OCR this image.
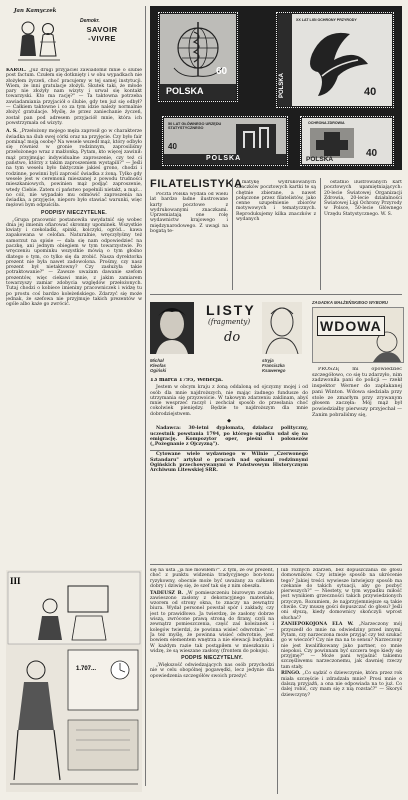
Jan Kamyczek
Demokr.
SAVOIR
-VIVRE

KAROL. „Już drugi przyjaciel zawiadomił mnie o ślubie post factum. Czułem się dotknięty i w obu wypadkach nie złożyłem życzeń, choć pracujemy w tej samej instytucji. Wiem, że inni gratulacje złożyli. Skutek taki, że młode pary nie złożyły nam wizyty i urwał się kontakt towarzyski. Kto ma rację?" — Ta taktowna potrzeba zawiadamiania przyjaciół o ślubie, gdy ten już się odbył? — Całkiem taktowne i co za tym idzie należy normalnie złożyć gratulacje. Myślę, że przez zaniechanie życzeń, został pan pod adresem przyjaciół mnie, która ich powstrzymała od wizyty.

A. S. „Przełożony mojego męża zaprosił go w charakterze świadka na ślub swej córki oraz na przyjęcie. Czy było fair pominąć moją osobę? Na wesele wszedł mąż, który odbyło się również w gronie rodzinnym, zaprosiliśmy przełożonego wraz z małżonką. Pytam, kto więcej zawinił: mąż przyjmując indywidualne zaproszenie, czy też ci państwo, którzy z takim zaproszeniem wystąpili?" — Jeśli na tym weselu było faktycznie jakieś grono, chodzi i rodzinne, powinni byli zaprosić świadka z żoną. Tylko gdy wesele jest w ceremonii mieszanej z powodu trudności mieszkaniowych, powinien mąż podjąć zaproszenie, wtedy Ciebie. Zatem ci państwo popełnili nietakt, a mąż... no cóż, nie wypadało mu odmówić zaproszenia na świadka, a przyjęcie, nieporo było stawiać warunki, więc mężowi bym odpuściła.

PODPISY NIECZYTELNE.

„Grupa pracownic postanowiła uwydatnić się wobec dnia jej imienin ofiarować skromny upominek. Wszystkie kwiaty i czekoladki, spinki, kolczyki, ogród... kawa zapakowana w celofan. Naturalnie, wręczyłyśmy też samorzut na spisie — dała się nam odpowiedzieć na paczkę, ani jednym obiegiem w tym towarzystwie. Po wręczeniu upominku wszystkie mówią o tym głośno dlatego o tym, co tylko się da zrobić. Nasza dyrektorka prezent nie była nawet zadowolona. Prośmy, czy nasz prezent był nietaktowny? Czy zasłużyła takie potraktowanie?" — Zawsze uważam dawanie szefom prezentów, więc ciekawi mnie, z jakim zamiarem towarzyszy zamiar zdobycia względów przełożonych. Tutaj chodzi o kobiece imieniny pracowniczek i widzę tu po prostu coś bardzo koleżeńskiego. Zdarzyć się może jednak, że szefowa nie przyjmuje takich prezentów w ogóle albo każe go zwrócić.

III
1.707...
POLSKA
60
XX LAT LIGI OCHRONY PRZYRODY
POLSKA	40
50 LAT GŁÓWNEGO URZĘDU STATYSTYCZNEGO
40
POLSKA
OCHRONA ZDROWIA
POLSKA
40
FILATELISTYKA

Poczta Polska wydała od wielu lat bardzo ładne ilustrowane karty pocztowe z wydrukowanymi znaczkami. Uprzemiatają one rolę wydawnictw krajowego i międzynarodowego. Z uwagi na bogatą te-

matykę wydrukowanych znaczków pocztowych kartki te są chętnie zbierane, a nawet połączone przez filatelistów, jako cenne uzupełnienie zbiorów motywowych i tematycznych. Reprodukujemy kilka znaczków z wydanych

ostatnio ilustrowanych kart pocztowych upamiętniających: 20-lecie Światowej Organizacji Zdrowia, 20-lecie działalności Światowej Ligi Ochrony Przyrody w Polsce, 50-lecie Głównego Urzędu Statystycznego. W. S.

Michał
Kleofas
Ogiński
LISTY
(fragmenty)
do
stryja
Franciszka
Ksawerego
ZAGADKA MAŁŻEŃSKIEGO WYBORU
WDOWA

PROSZĘ mi opowiedzieć szczegółowo, co się tu zdarzyło, nim zadzwoniła pani do policji — rzekł inspektor Werner do zapłakanej pani Winton. Wdowa siedziała przy stole ze zmarłym przy zrywanym głosem zaczęła: Mój mąż był powiedziałby pierwszy przyjechał — Zanim pobraliśmy się,

13 marca 1795, Wenecja.

Jestem w obcym kraju z żoną oddaloną od ojczyzny mojej i od osób dla mnie najdroższych, nie mając żadnego fundusze do utrzymania się przyzwoicie. W takowym zdarzeniu zaklinam, abyś mnie wesprzeć raczył i zechciał sposób do przesłania choć cokolwiek pieniędzy. Będzie to najdroższym dla mnie dobrodziejstwem.

◆

Nadawca: 30-letni dyplomata, działacz polityczny, uczestnik powstania 1794, po którego upadku udał się na emigrację. Kompozytor oper, pieśni i polonezów („Pożegnanie z Ojczyzną").

Cytowane wiele wydawnego w Wilnie „Czerwonego Sztandaru" artykuł o pracach nad spisami rodzinnymi Ogińskich przechowywanymi w Państwowym Historycznym Archiwum Litewskiej SRR.

się na usta „ja nie mówiłem?". Z tym, że ów prezent, choć z punktu widzenia tradycyjnego bon-tonu ryzykowny, obecnie może być uważany za całkiem dobry i dziwię się, że szef tak się z nim obeszła.

TADEUSZ B. „W pomieszczeniu biurowym zostało zawieszono zasłony z dekoracyjnego materiału, wzorem od strony okna, to znaczy na zewnątrz biura. Wydał personel powstał spór i zakłady, czy jest to prawidłowo. Ja twierdzę, że zasłony dobrze wiszą, zwrócone prawą stroną do firany, czyli na zewnątrz pomieszczenia, część zaś koleżanek i kolegów twierdzi, że powinna wisieć odwrotnie." — Ja też myślę, że powinna wisieć odwrotnie, jest bowiem elementem wnętrza a nie elewacji budynku. W każdym razie tak postąpiłem w mieszkaniu i widzę, że są wieszane zasłony (frontem do pokoju).

PODPIS NIECZYTELNY.

„Większość odwiedzających nas osób przychodzi nie w celu obopólnej pogawędki, lecz jedynie dla opowiedzenia szczegółów swoich przeżyć

lub różnych zdarzeń, bez dopuszczania do głosu domowników. Czy istnieje sposób na ukrócenie tego? Jakiej treści wywiesze łatwiejszy sposób ma czekanie do takich sytuacji, aby go pozbyć pierwszych?" — Niestety, w tym wypadku miłość jest wynikiem grzeczności takich przywiedzionych przyczyn. Rozumiem, że najprzyjemniejsze są takie chwile. Czy muszę gości dopuszczać do głosu? Jeśli oni słyszą, kiedy domownicy skończyli wprost słuchać?

ZANIEPOKOJONA ELA W. „Narzeczony mój przyszedł do mnie na odwiedziny przed innymi. Pytam, czy narzeczona może przyjąć czy też szukać go w wieczór? Czy nie ma na to sensu? Narzeczony nie jest kwalifikowany jako partner, co mnie niepokoi. Czy powinnam być szczera tego kiedy się przyjmę?" — Może pani wyjaśnić takiemu szczęśliwemu narzeczonemu, jak dawniej rzeczy tam stały.

RINGO. „Co sądzić o dziewczynie, która przez rok miała szczęście i zdradzała mnie? Prosi mnie o dalszą przyjaźń, a ona nie odpowiada na to już. Co dalej robić, czy mam się z nią rozstać?" — Skoryś dziewczyny?
